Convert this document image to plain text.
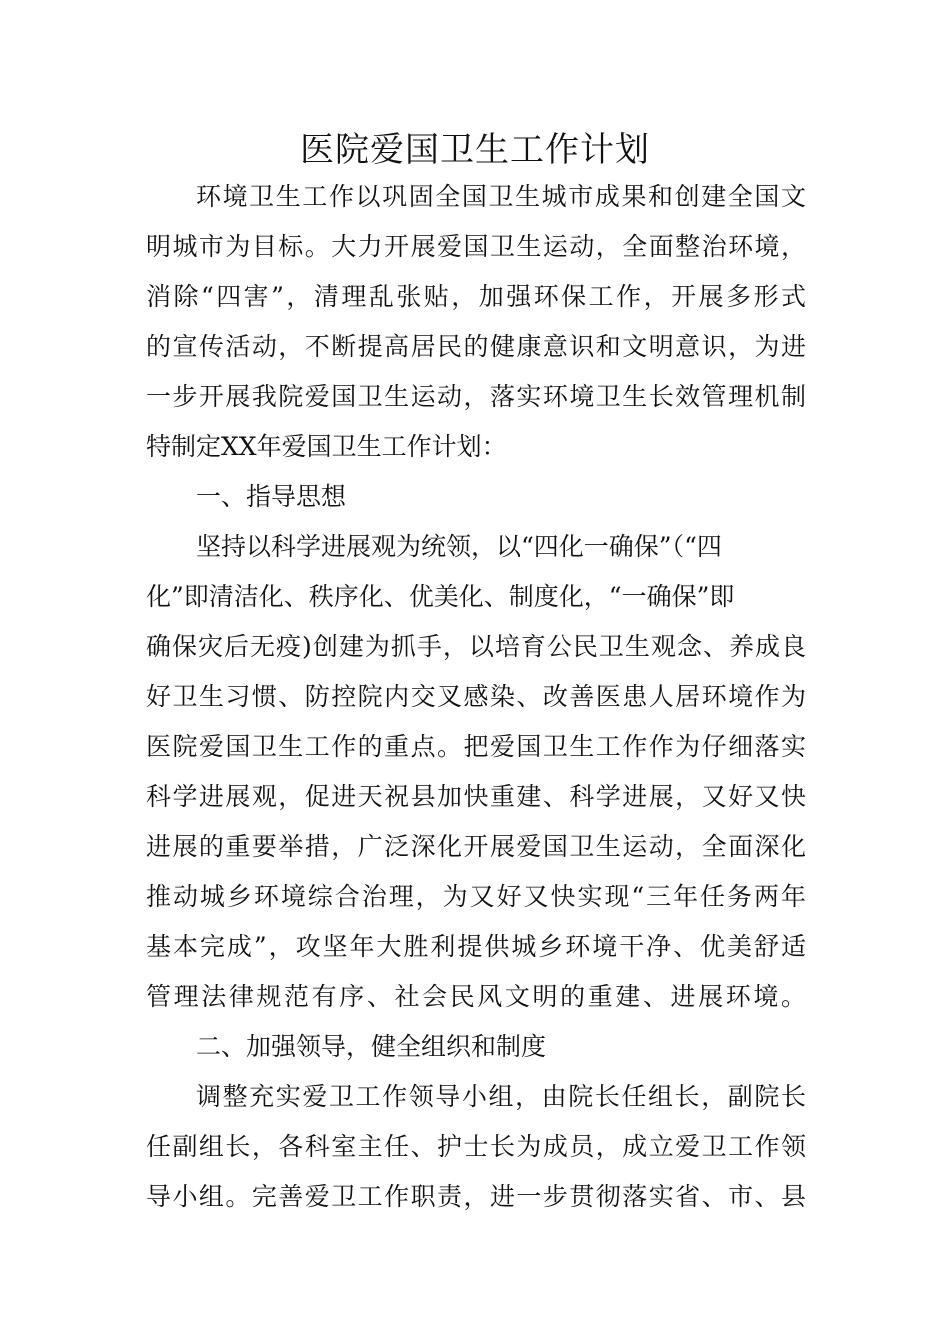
医院爱国卫生工作计划
环境卫生工作以巩固全国卫生城市成果和创建全国文
明城市为目标。大力开展爱国卫生运动，全面整治环境，
消除“四害”，清理乱张贴，加强环保工作，开展多形式
的宣传活动，不断提高居民的健康意识和文明意识，为进
一步开展我院爱国卫生运动，落实环境卫生长效管理机制
特制定XX年爱国卫生工作计划：
一、指导思想
坚持以科学进展观为统领，以“四化一确保”（“四
化”即清洁化、秩序化、优美化、制度化，“一确保”即
确保灾后无疫)创建为抓手，以培育公民卫生观念、养成良
好卫生习惯、防控院内交叉感染、改善医患人居环境作为
医院爱国卫生工作的重点。把爱国卫生工作作为仔细落实
科学进展观，促进天祝县加快重建、科学进展，又好又快
进展的重要举措，广泛深化开展爱国卫生运动，全面深化
推动城乡环境综合治理，为又好又快实现“三年任务两年
基本完成”，攻坚年大胜利提供城乡环境干净、优美舒适
管理法律规范有序、社会民风文明的重建、进展环境。
二、加强领导，健全组织和制度
调整充实爱卫工作领导小组，由院长任组长，副院长
任副组长，各科室主任、护士长为成员，成立爱卫工作领
导小组。完善爱卫工作职责，进一步贯彻落实省、市、县
